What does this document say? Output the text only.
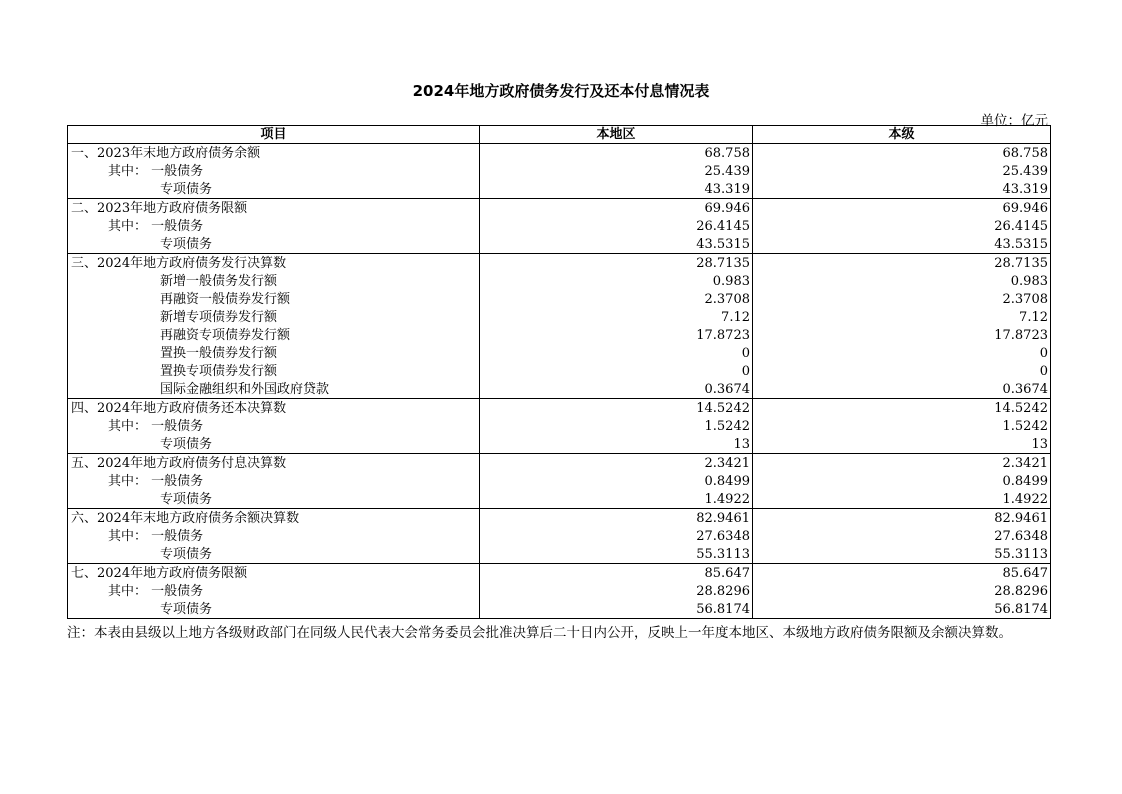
2024年地方政府债务发行及还本付息情况表
单位：亿元
项目	本地区	本级
一、2023年末地方政府债务余额	68.758	68.758
其中： 一般债务	25.439	25.439
专项债务	43.319	43.319
二、2023年地方政府债务限额	69.946	69.946
其中： 一般债务	26.4145	26.4145
专项债务	43.5315	43.5315
三、2024年地方政府债务发行决算数	28.7135	28.7135
新增一般债务发行额	0.983	0.983
再融资一般债券发行额	2.3708	2.3708
新增专项债券发行额	7.12	7.12
再融资专项债券发行额	17.8723	17.8723
置换一般债券发行额	0	0
置换专项债券发行额	0	0
国际金融组织和外国政府贷款	0.3674	0.3674
四、2024年地方政府债务还本决算数	14.5242	14.5242
其中： 一般债务	1.5242	1.5242
专项债务	13	13
五、2024年地方政府债务付息决算数	2.3421	2.3421
其中： 一般债务	0.8499	0.8499
专项债务	1.4922	1.4922
六、2024年末地方政府债务余额决算数	82.9461	82.9461
其中： 一般债务	27.6348	27.6348
专项债务	55.3113	55.3113
七、2024年地方政府债务限额	85.647	85.647
其中： 一般债务	28.8296	28.8296
专项债务	56.8174	56.8174
注：本表由县级以上地方各级财政部门在同级人民代表大会常务委员会批准决算后二十日内公开，反映上一年度本地区、本级地方政府债务限额及余额决算数。
